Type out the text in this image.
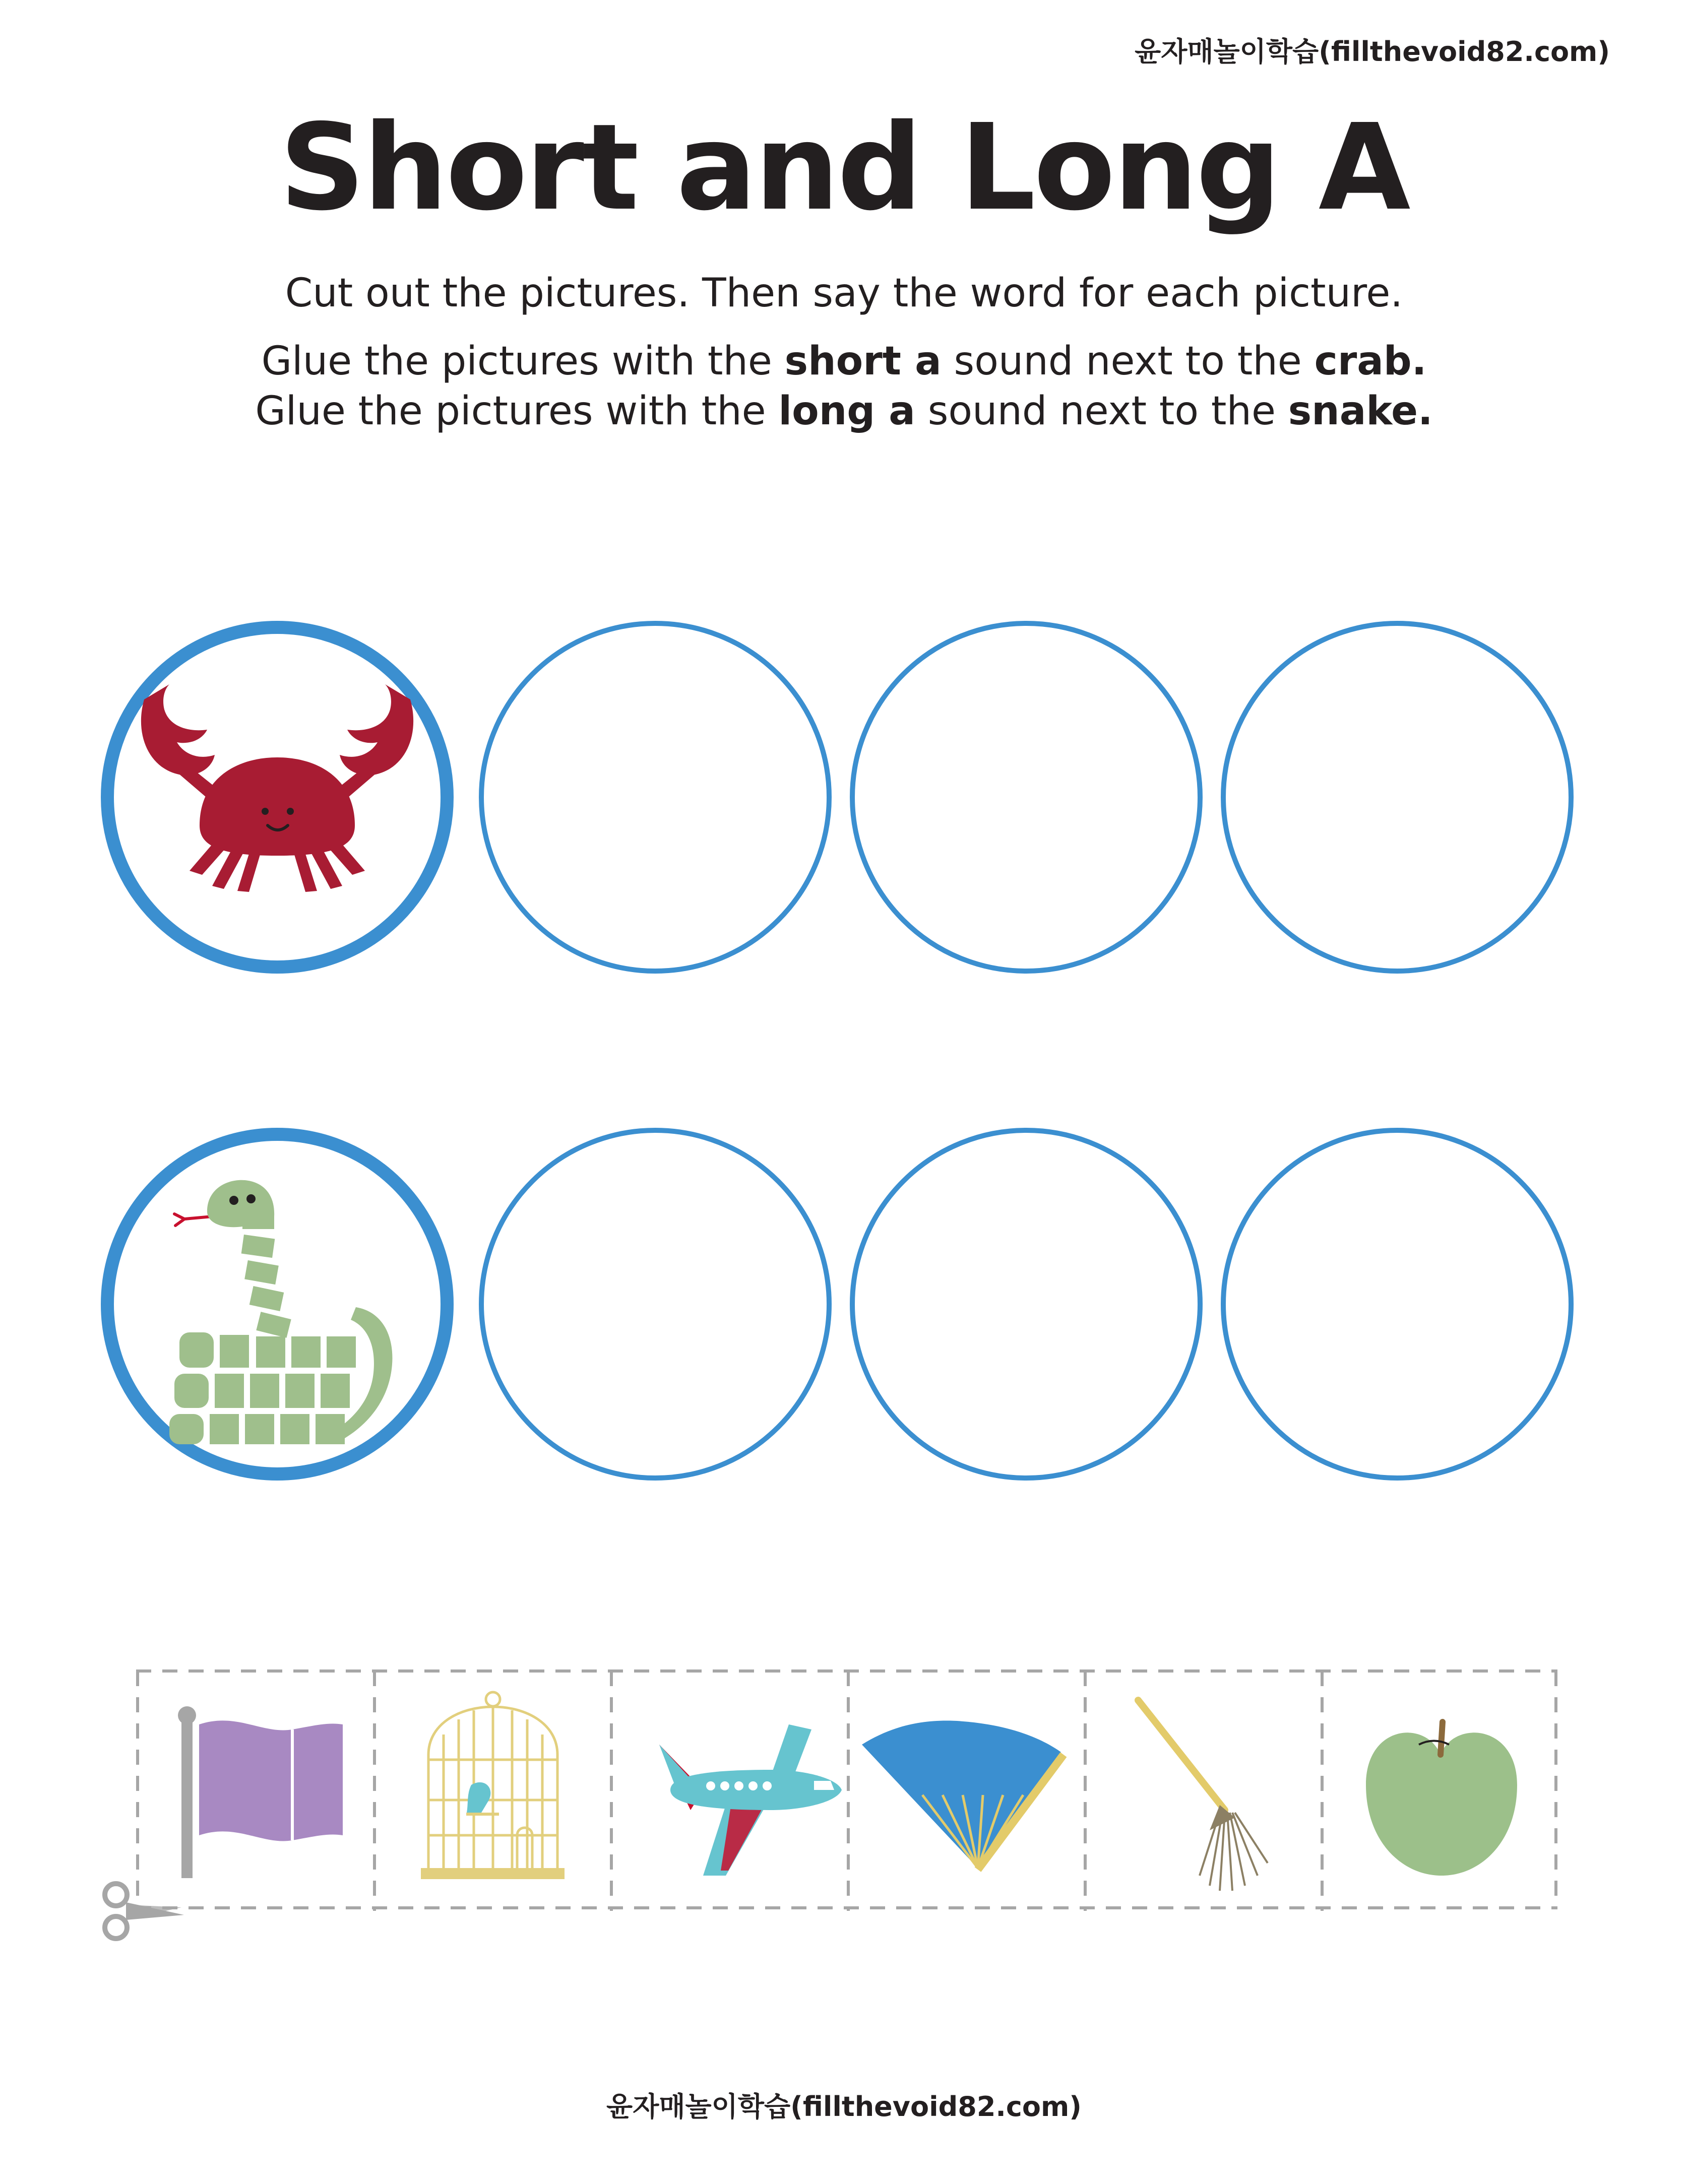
윤자매놀이학습(fillthevoid82.com)
Short and Long A
Cut out the pictures. Then say the word for each picture.
Glue the pictures with the short a sound next to the crab.
Glue the pictures with the long a sound next to the snake.
윤자매놀이학습(fillthevoid82.com)
